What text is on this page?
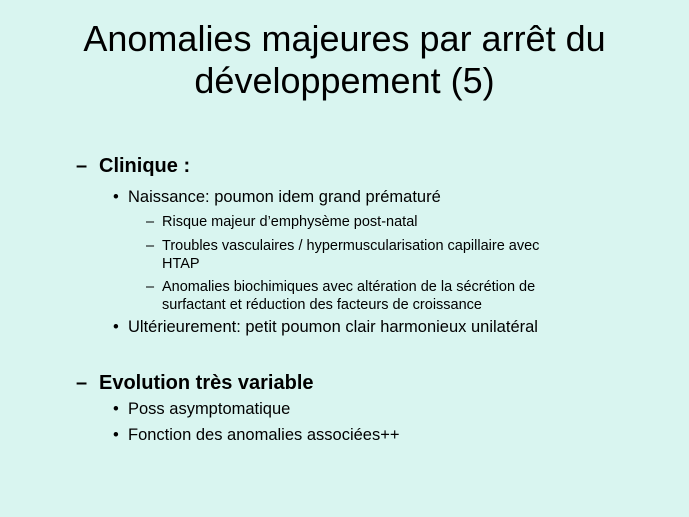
Anomalies majeures par arrêt du
développement (5)
– Clinique :
• Naissance: poumon idem grand prématuré
– Risque majeur d’emphysème post-natal
– Troubles vasculaires / hypermuscularisation capillaire avec
HTAP
– Anomalies biochimiques avec altération de la sécrétion de
surfactant et réduction des facteurs de croissance
• Ultérieurement: petit poumon clair harmonieux unilatéral
– Evolution très variable
• Poss asymptomatique
• Fonction des anomalies associées++
